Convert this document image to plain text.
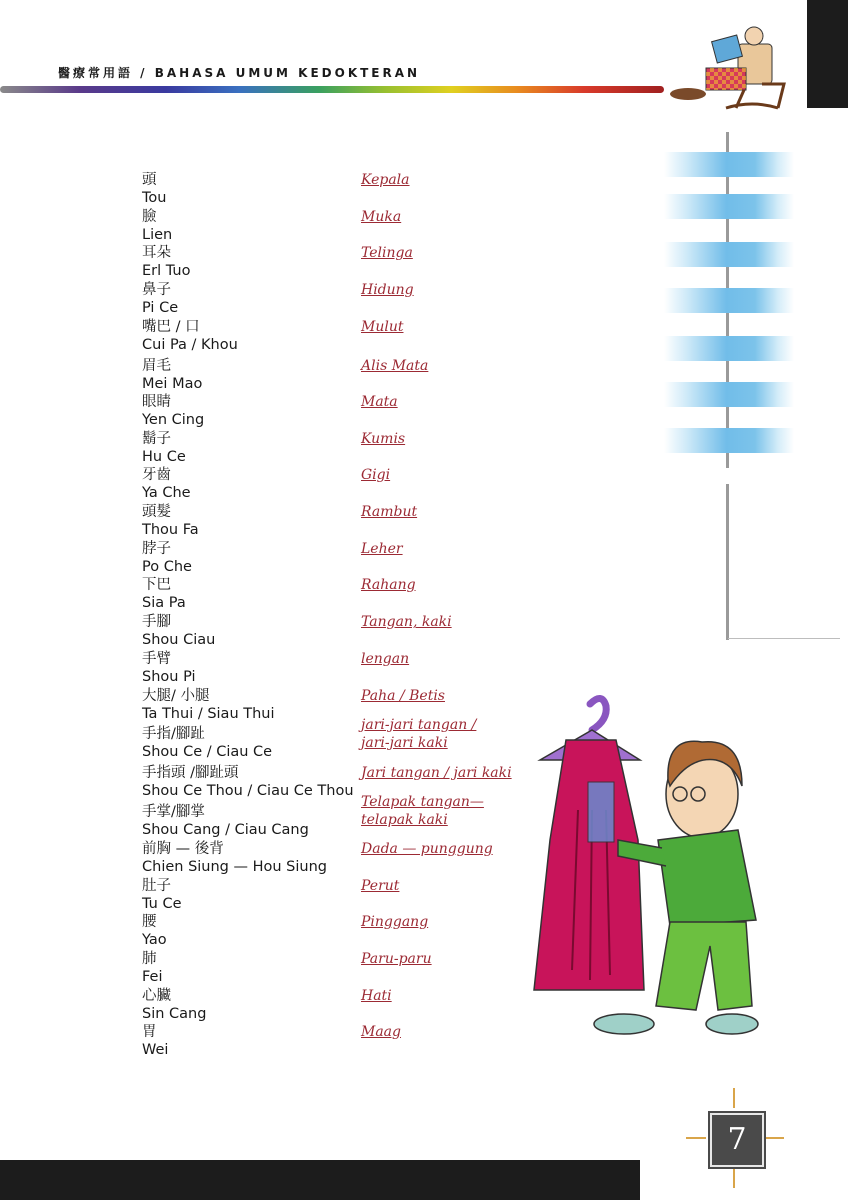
醫療常用語 / BAHASA UMUM KEDOKTERAN
頭
Tou
Kepala
臉
Lien
Muka
耳朵
Erl Tuo
Telinga
鼻子
Pi Ce
Hidung
嘴巴 / 口
Cui Pa / Khou
Mulut
眉毛
Mei Mao
Alis Mata
眼睛
Yen Cing
Mata
鬍子
Hu Ce
Kumis
牙齒
Ya Che
Gigi
頭髮
Thou Fa
Rambut
脖子
Po Che
Leher
下巴
Sia Pa
Rahang
手腳
Shou Ciau
Tangan, kaki
手臂
Shou Pi
lengan
大腿/ 小腿
Ta Thui / Siau Thui
Paha / Betis
手指/腳趾
Shou Ce / Ciau Ce
jari-jari tangan /
jari-jari kaki
手指頭 /腳趾頭
Shou Ce Thou / Ciau Ce Thou
Jari tangan / jari kaki
手掌/腳掌
Shou Cang / Ciau Cang
Telapak tangan—
telapak kaki
前胸 — 後背
Chien Siung — Hou Siung
Dada — punggung
肚子
Tu Ce
Perut
腰
Yao
Pinggang
肺
Fei
Paru-paru
心臟
Sin Cang
Hati
胃
Wei
Maag
7
